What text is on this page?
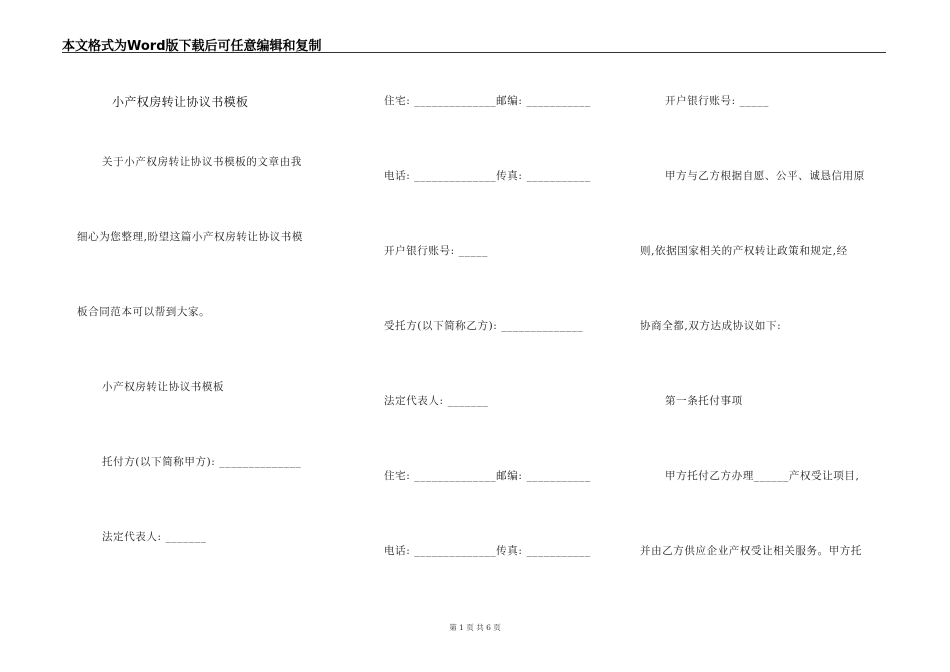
本文格式为Word版下载后可任意编辑和复制
小产权房转让协议书模板
关于小产权房转让协议书模板的文章由我
细心为您整理,盼望这篇小产权房转让协议书模
板合同范本可以帮到大家。
小产权房转让协议书模板
托付方(以下简称甲方): ______________
法定代表人: _______
住宅: ______________邮编: ___________
电话: ______________传真: ___________
开户银行账号: _____
受托方(以下简称乙方): ______________
法定代表人: _______
住宅: ______________邮编: ___________
电话: ______________传真: ___________
开户银行账号: _____
甲方与乙方根据自愿、公平、诚恳信用原
则,依据国家相关的产权转让政策和规定,经
协商全都,双方达成协议如下:
第一条托付事项
甲方托付乙方办理______产权受让项目,
并由乙方供应企业产权受让相关服务。甲方托
第 1 页 共 6 页
